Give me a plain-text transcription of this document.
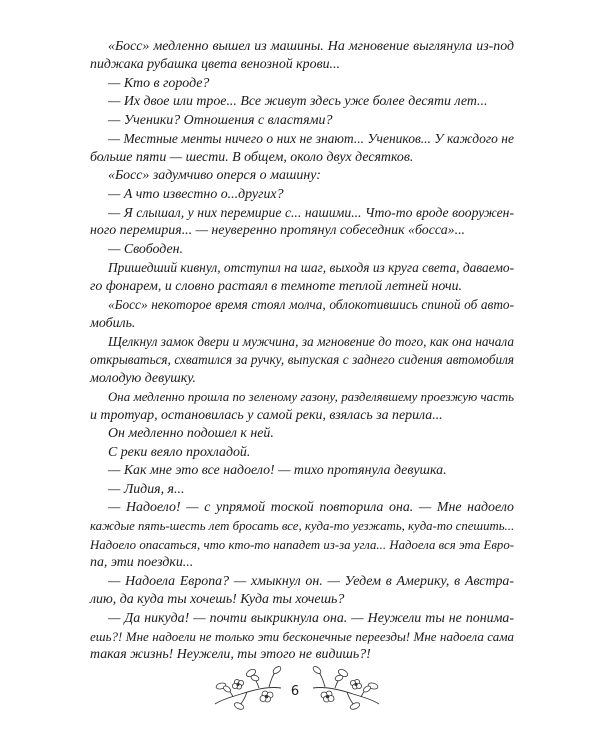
«Босс» медленно вышел из машины. На мгновение выглянула из-под
пиджака рубашка цвета венозной крови...
— Кто в городе?
— Их двое или трое... Все живут здесь уже более десяти лет...
— Ученики? Отношения с властями?
— Местные менты ничего о них не знают... Учеников... У каждого не
больше пяти — шести. В общем, около двух десятков.
«Босс» задумчиво оперся о машину:
— А что известно о...других?
— Я слышал, у них перемирие с... нашими... Что-то вроде вооружен-
ного перемирия... — неуверенно протянул собеседник «босса»...
— Свободен.
Пришедший кивнул, отступил на шаг, выходя из круга света, даваемо-
го фонарем, и словно растаял в темноте теплой летней ночи.
«Босс» некоторое время стоял молча, облокотившись спиной об авто-
мобиль.
Щелкнул замок двери и мужчина, за мгновение до того, как она начала
открываться, схватился за ручку, выпуская с заднего сидения автомобиля
молодую девушку.
Она медленно прошла по зеленому газону, разделявшему проезжую часть
и тротуар, остановилась у самой реки, взялась за перила...
Он медленно подошел к ней.
С реки веяло прохладой.
— Как мне это все надоело! — тихо протянула девушка.
— Лидия, я...
— Надоело! — с упрямой тоской повторила она. — Мне надоело
каждые пять-шесть лет бросать все, куда-то уезжать, куда-то спешить...
Надоело опасаться, что кто-то нападет из-за угла... Надоела вся эта Евро-
па, эти поездки...
— Надоела Европа? — хмыкнул он. — Уедем в Америку, в Австра-
лию, да куда ты хочешь! Куда ты хочешь?
— Да никуда! — почти выкрикнула она. — Неужели ты не понима-
ешь?! Мне надоели не только эти бесконечные переезды! Мне надоела сама
такая жизнь! Неужели, ты этого не видишь?!
6
